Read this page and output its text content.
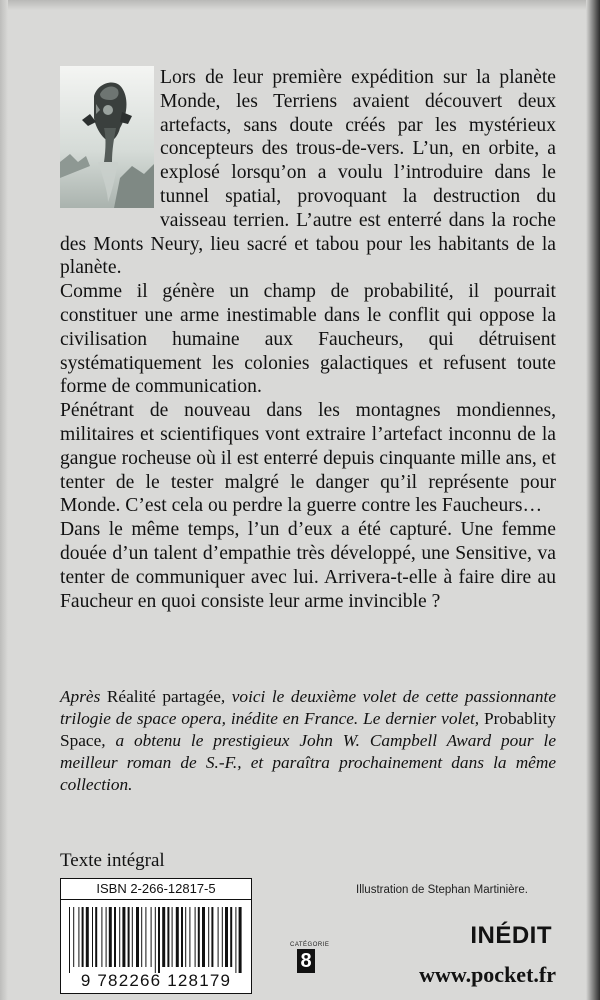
Lors de leur première expédition sur la planète Monde, les Terriens avaient découvert deux artefacts, sans doute créés par les mystérieux concepteurs des trous-de-vers. L’un, en orbite, a explosé lorsqu’on a voulu l’introduire dans le tunnel spatial, provoquant la destruction du vaisseau terrien. L’autre est enterré dans la roche des Monts Neury, lieu sacré et tabou pour les habitants de la planète.

Comme il génère un champ de probabilité, il pourrait constituer une arme inestimable dans le conflit qui oppose la civilisation humaine aux Faucheurs, qui détruisent systématiquement les colonies galactiques et refusent toute forme de communication.

Pénétrant de nouveau dans les montagnes mondiennes, militaires et scientifiques vont extraire l’artefact inconnu de la gangue rocheuse où il est enterré depuis cinquante mille ans, et tenter de le tester malgré le danger qu’il représente pour Monde. C’est cela ou perdre la guerre contre les Faucheurs…

Dans le même temps, l’un d’eux a été capturé. Une femme douée d’un talent d’empathie très développé, une Sensitive, va tenter de communiquer avec lui. Arrivera-t-elle à faire dire au Faucheur en quoi consiste leur arme invincible ?

Après Réalité partagée, voici le deuxième volet de cette passionnante trilogie de space opera, inédite en France. Le dernier volet, Probablity Space, a obtenu le prestigieux John W. Campbell Award pour le meilleur roman de S.-F., et paraîtra prochainement dans la même collection.

Texte intégral
ISBN 2-266-12817-5
9 782266 128179
CATÉGORIE
8
Illustration de Stephan Martinière.
INÉDIT
www.pocket.fr
